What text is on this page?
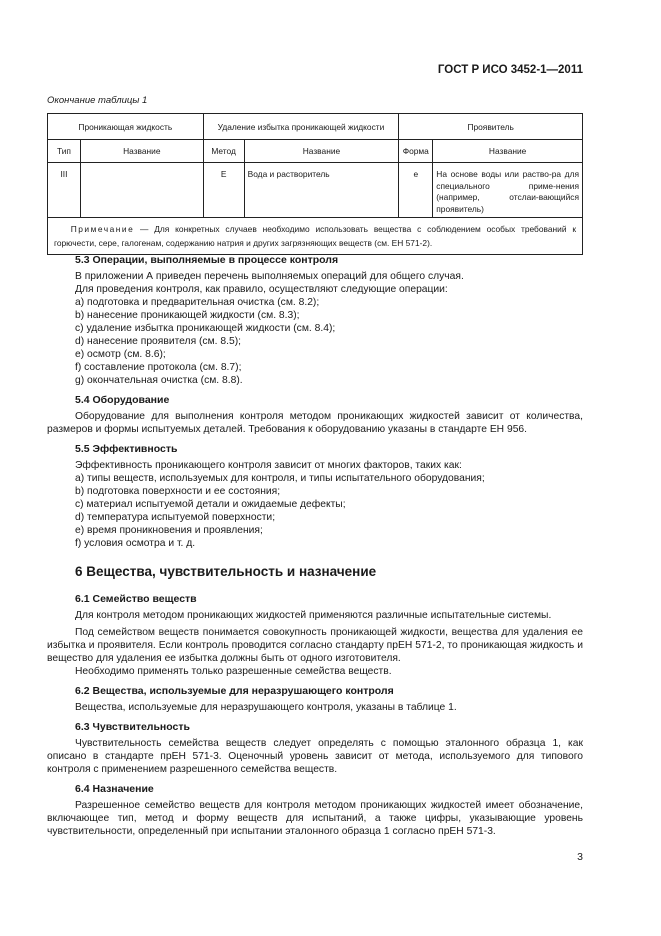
ГОСТ Р ИСО 3452-1—2011
Окончание таблицы 1
Проникающая жидкость		Удаление избытка проникающей жидкости		Проявитель	
Тип	Название	Метод	Название	Форма	Название
III		E	Вода и растворитель	e	На основе воды или раство-ра для специального приме-нения (например, отслаи-вающийся проявитель)
  Примечание — Для конкретных случаев необходимо использовать вещества с соблюдением особых требований к горючести, сере, галогенам, содержанию натрия и других загрязняющих веществ (см. ЕН 571-2).					
5.3 Операции, выполняемые в процессе контроля

В приложении А приведен перечень выполняемых операций для общего случая.

Для проведения контроля, как правило, осуществляют следующие операции:

a) подготовка и предварительная очистка (см. 8.2);

b) нанесение проникающей жидкости (см. 8.3);

c) удаление избытка проникающей жидкости (см. 8.4);

d) нанесение проявителя (см. 8.5);

e) осмотр (см. 8.6);

f) составление протокола (см. 8.7);

g) окончательная очистка (см. 8.8).

5.4 Оборудование

Оборудование для выполнения контроля методом проникающих жидкостей зависит от количества, размеров и формы испытуемых деталей. Требования к оборудованию указаны в стандарте ЕН 956.

5.5 Эффективность

Эффективность проникающего контроля зависит от многих факторов, таких как:

a) типы веществ, используемых для контроля, и типы испытательного оборудования;

b) подготовка поверхности и ее состояния;

c) материал испытуемой детали и ожидаемые дефекты;

d) температура испытуемой поверхности;

e) время проникновения и проявления;

f) условия осмотра и т. д.

6 Вещества, чувствительность и назначение
6.1 Семейство веществ

Для контроля методом проникающих жидкостей применяются различные испытательные системы.

Под семейством веществ понимается совокупность проникающей жидкости, вещества для удаления ее избытка и проявителя. Если контроль проводится согласно стандарту прЕН 571-2, то проникающая жидкость и вещество для удаления ее избытка должны быть от одного изготовителя.

Необходимо применять только разрешенные семейства веществ.

6.2 Вещества, используемые для неразрушающего контроля

Вещества, используемые для неразрушающего контроля, указаны в таблице 1.

6.3 Чувствительность

Чувствительность семейства веществ следует определять с помощью эталонного образца 1, как описано в стандарте прЕН 571-3. Оценочный уровень зависит от метода, используемого для типового контроля с применением разрешенного семейства веществ.

6.4 Назначение

Разрешенное семейство веществ для контроля методом проникающих жидкостей имеет обозначение, включающее тип, метод и форму веществ для испытаний, а также цифры, указывающие уровень чувствительности, определенный при испытании эталонного образца 1 согласно прЕН 571-3.

3
